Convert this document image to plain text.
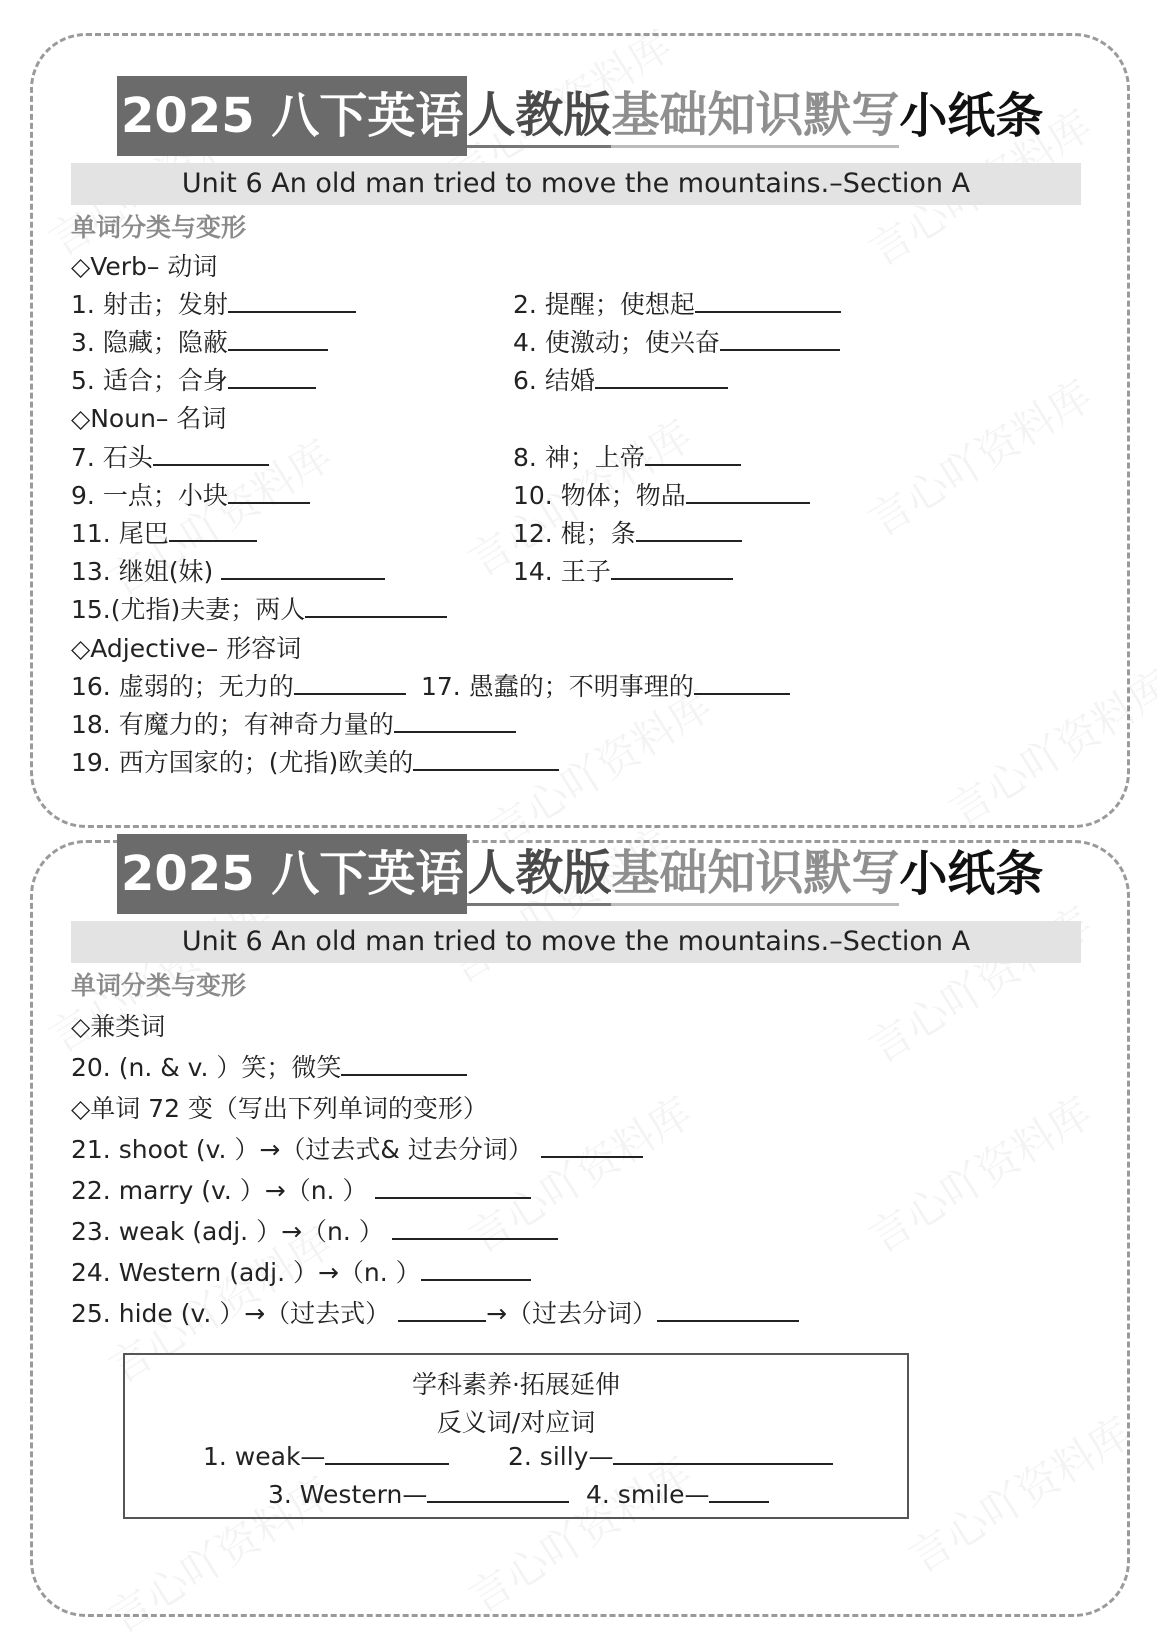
2025 八下英语 人教版 基础知识默写 小纸条
Unit 6 An old man tried to move the mountains.–Section A
单词分类与变形
◇Verb– 动词
1. 射击；发射	2. 提醒；使想起
3. 隐藏；隐蔽	4. 使激动；使兴奋
5. 适合；合身	6. 结婚
◇Noun– 名词
7. 石头	8. 神；上帝
9. 一点；小块	10. 物体；物品
11. 尾巴	12. 棍；条
13. 继姐(妹)	14. 王子
15.(尤指)夫妻；两人
◇Adjective– 形容词
16. 虚弱的；无力的	17. 愚蠢的；不明事理的
18. 有魔力的；有神奇力量的
19. 西方国家的；(尤指)欧美的
2025 八下英语 人教版 基础知识默写 小纸条
Unit 6 An old man tried to move the mountains.–Section A
单词分类与变形
◇兼类词
20. (n. & v. ）笑；微笑
◇单词 72 变（写出下列单词的变形）
21. shoot (v. ）→（过去式& 过去分词）
22. marry (v. ）→（n. ）
23. weak (adj. ）→（n. ）
24. Western (adj. ）→（n. ）
25. hide (v. ）→（过去式）	→（过去分词）
学科素养·拓展延伸
反义词/对应词
1. weak—	2. silly—
3. Western—	4. smile—
